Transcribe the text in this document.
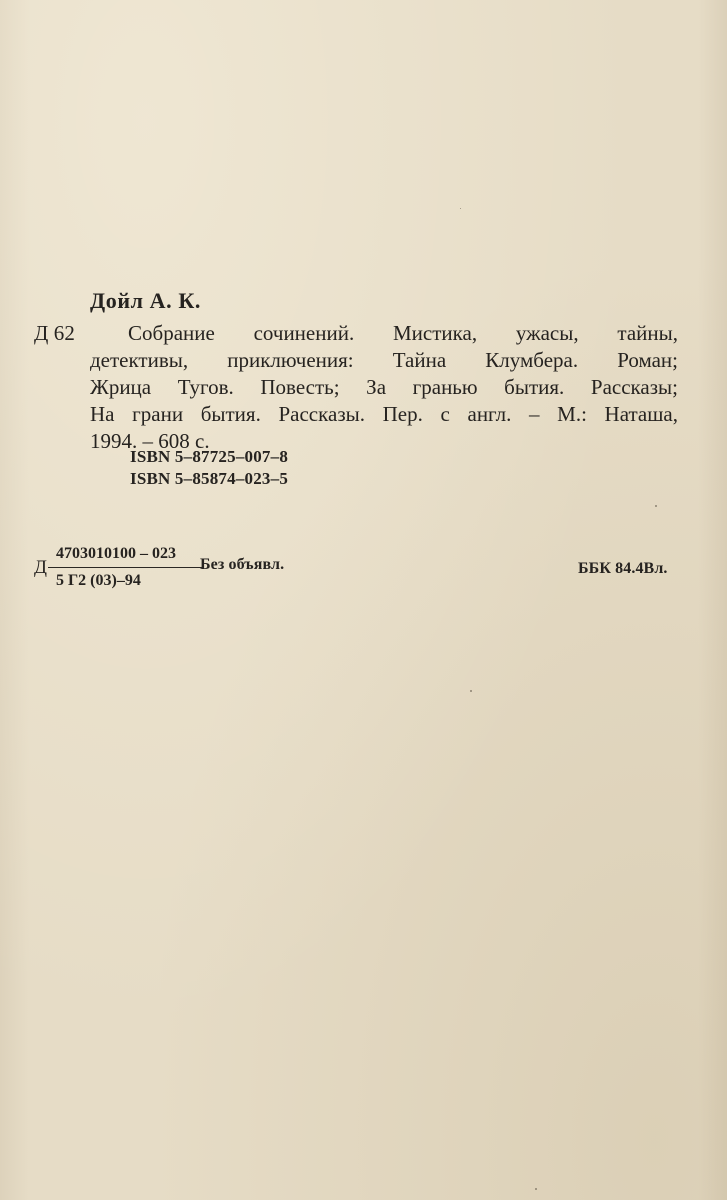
Дойл А. К.
Д 62	Собрание сочинений. Мистика, ужасы, тайны,
детективы, приключения: Тайна Клумбера. Роман;
Жрица Тугов. Повесть; За гранью бытия. Рассказы;
На грани бытия. Рассказы. Пер. с англ. – М.: Наташа,
1994. – 608 с.
ISBN 5–87725–007–8
ISBN 5–85874–023–5
Д
4703010100 – 023
5 Г2 (03)–94
Без объявл.	ББК 84.4Вл.
